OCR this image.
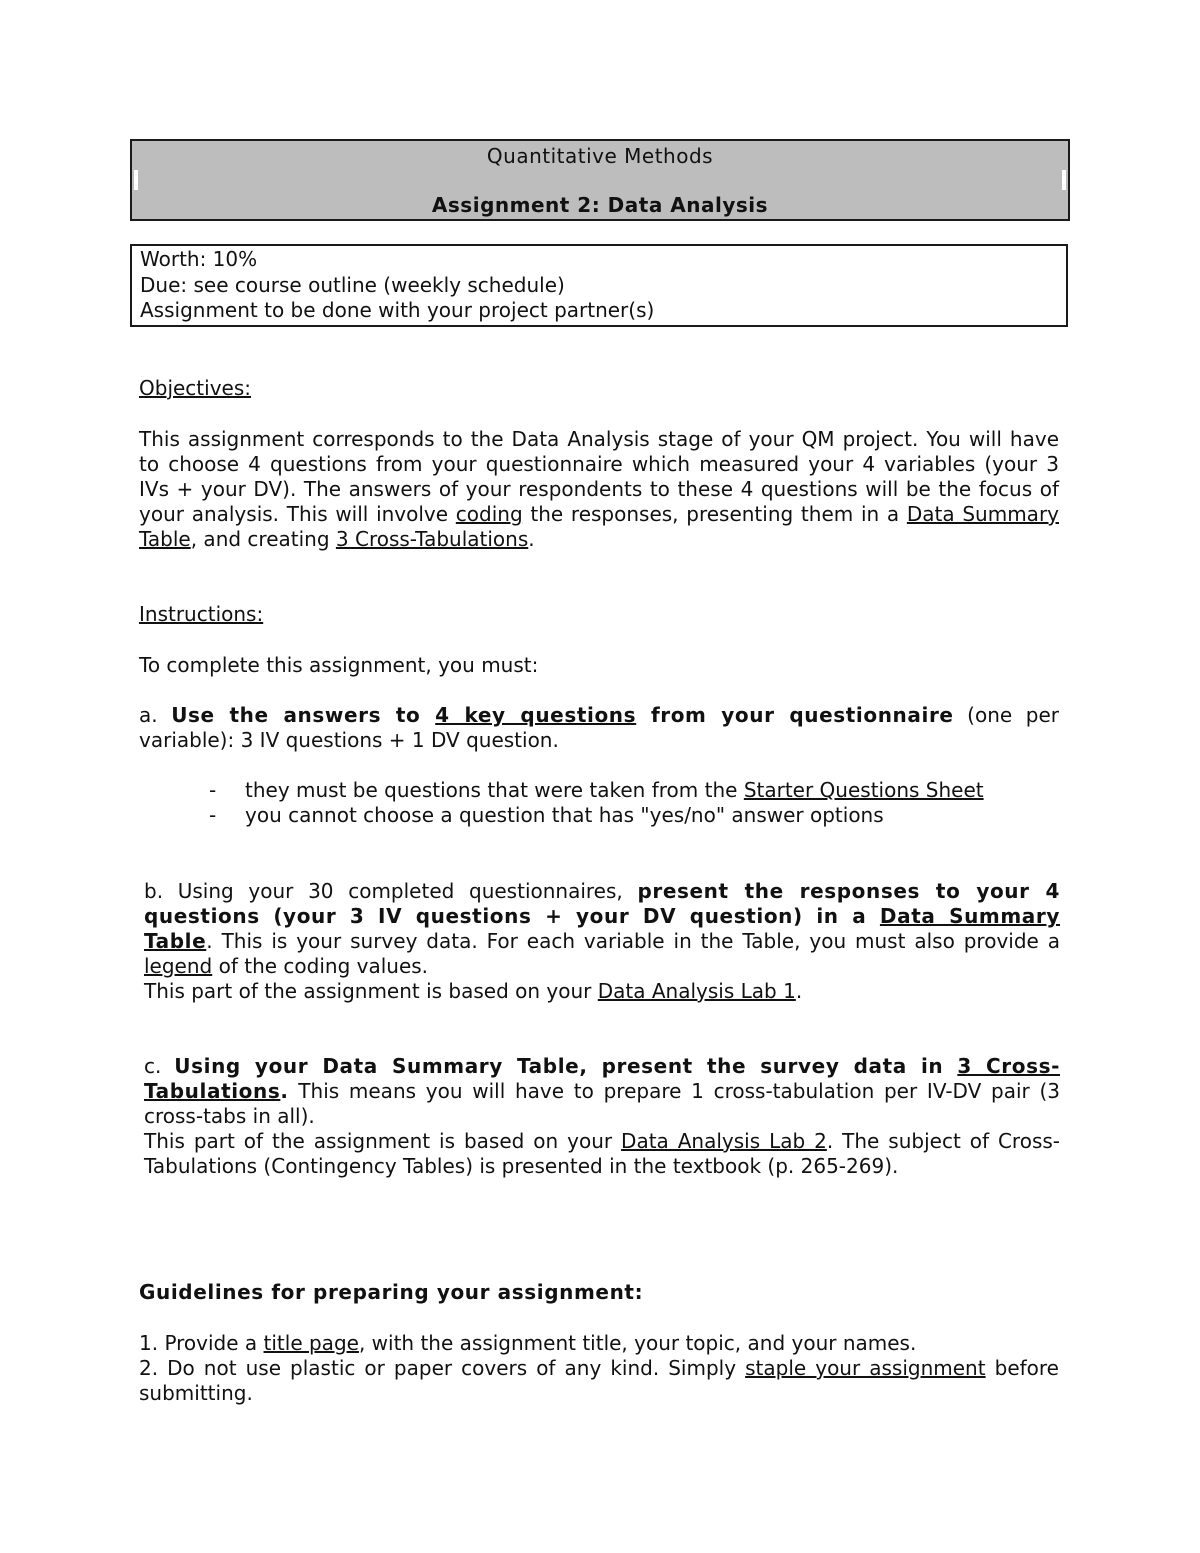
Quantitative Methods
Assignment 2: Data Analysis
Worth: 10%
Due: see course outline (weekly schedule)
Assignment to be done with your project partner(s)
Objectives:
This assignment corresponds to the Data Analysis stage of your QM project. You will have to choose 4 questions from your questionnaire which measured your 4 variables (your 3 IVs + your DV). The answers of your respondents to these 4 questions will be the focus of your analysis. This will involve coding the responses, presenting them in a Data Summary Table, and creating 3 Cross-Tabulations.
Instructions:
To complete this assignment, you must:
a. Use the answers to 4 key questions from your questionnaire (one per variable): 3 IV questions + 1 DV question.
- they must be questions that were taken from the Starter Questions Sheet
- you cannot choose a question that has "yes/no" answer options
b. Using your 30 completed questionnaires, present the responses to your 4 questions (your 3 IV questions + your DV question) in a Data Summary Table. This is your survey data. For each variable in the Table, you must also provide a legend of the coding values.
This part of the assignment is based on your Data Analysis Lab 1.
c. Using your Data Summary Table, present the survey data in 3 Cross-Tabulations. This means you will have to prepare 1 cross-tabulation per IV-DV pair (3 cross-tabs in all).
This part of the assignment is based on your Data Analysis Lab 2. The subject of Cross-Tabulations (Contingency Tables) is presented in the textbook (p. 265-269).
Guidelines for preparing your assignment:
1. Provide a title page, with the assignment title, your topic, and your names.
2. Do not use plastic or paper covers of any kind. Simply staple your assignment before submitting.
